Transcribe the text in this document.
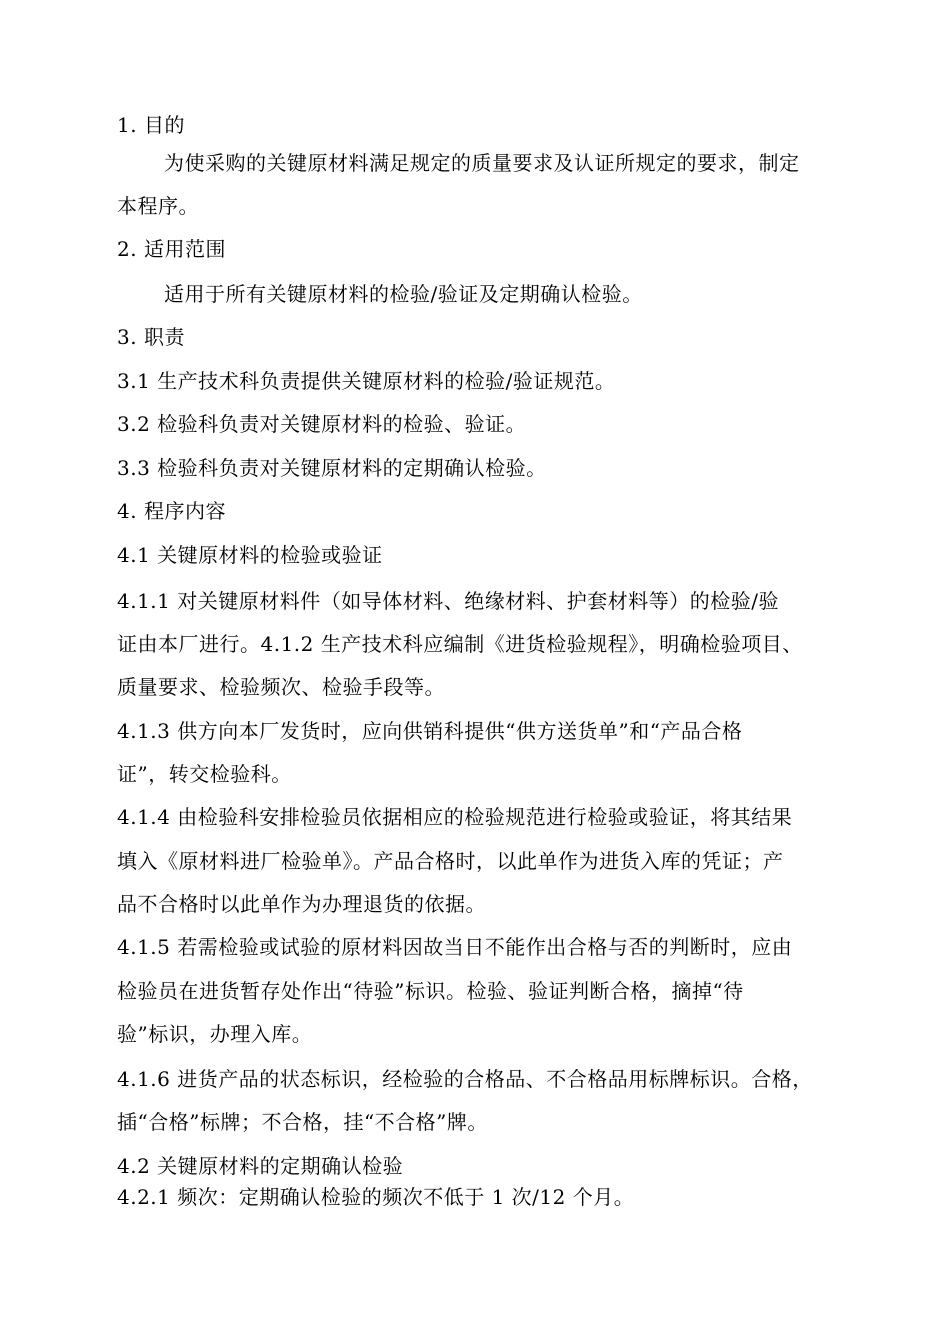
1. 目的
为使采购的关键原材料满足规定的质量要求及认证所规定的要求，制定
本程序。
2. 适用范围
适用于所有关键原材料的检验/验证及定期确认检验。
3. 职责
3.1 生产技术科负责提供关键原材料的检验/验证规范。
3.2 检验科负责对关键原材料的检验、验证。
3.3 检验科负责对关键原材料的定期确认检验。
4. 程序内容
4.1 关键原材料的检验或验证
4.1.1 对关键原材料件（如导体材料、绝缘材料、护套材料等）的检验/验
证由本厂进行。4.1.2 生产技术科应编制《进货检验规程》，明确检验项目、
质量要求、检验频次、检验手段等。
4.1.3 供方向本厂发货时，应向供销科提供“供方送货单”和“产品合格
证”，转交检验科。
4.1.4 由检验科安排检验员依据相应的检验规范进行检验或验证，将其结果
填入《原材料进厂检验单》。产品合格时，以此单作为进货入库的凭证；产
品不合格时以此单作为办理退货的依据。
4.1.5 若需检验或试验的原材料因故当日不能作出合格与否的判断时，应由
检验员在进货暂存处作出“待验”标识。检验、验证判断合格，摘掉“待
验”标识，办理入库。
4.1.6 进货产品的状态标识，经检验的合格品、不合格品用标牌标识。合格，
插“合格”标牌；不合格，挂“不合格”牌。
4.2 关键原材料的定期确认检验
4.2.1 频次：定期确认检验的频次不低于 1 次/12 个月。
